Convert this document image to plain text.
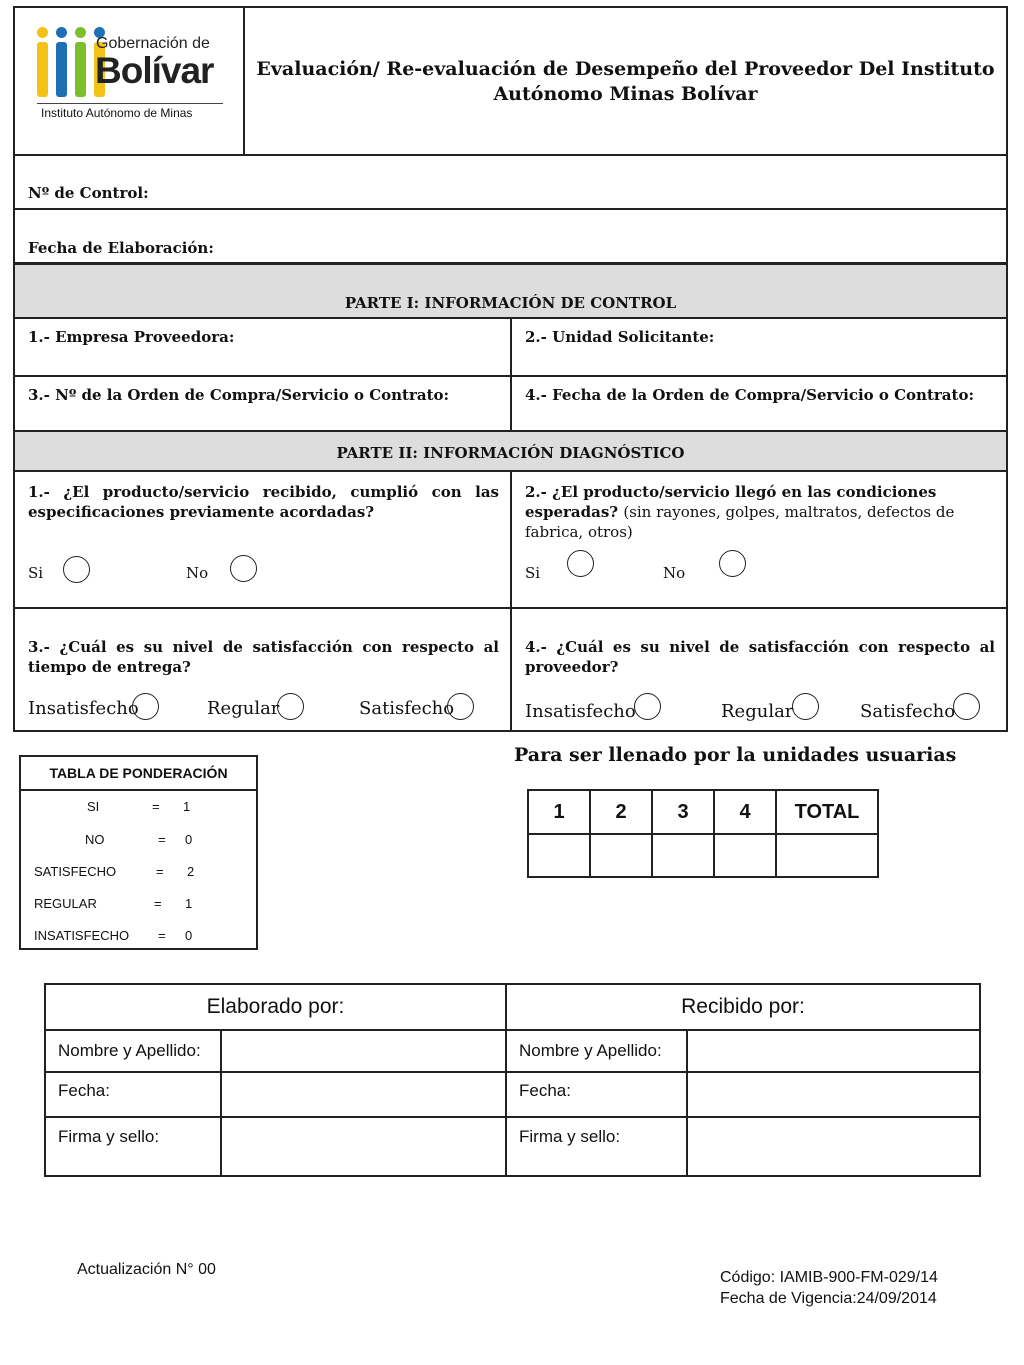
Gobernación de
Bolívar
Instituto Autónomo de Minas
Evaluación/ Re-evaluación de Desempeño del Proveedor Del Instituto
Autónomo Minas Bolívar
Nº de Control:
Fecha de Elaboración:
PARTE I: INFORMACIÓN DE CONTROL
1.- Empresa Proveedora:	2.- Unidad Solicitante:
3.- Nº de la Orden de Compra/Servicio o Contrato:	4.- Fecha de la Orden de Compra/Servicio o Contrato:
PARTE II: INFORMACIÓN DIAGNÓSTICO
1.- ¿El producto/servicio recibido, cumplió con las especificaciones previamente acordadas?
Si	No
2.- ¿El producto/servicio llegó en las condiciones esperadas? (sin rayones, golpes, maltratos, defectos de fabrica, otros)
Si	No
3.- ¿Cuál es su nivel de satisfacción con respecto al tiempo de entrega?
Insatisfecho	Regular	Satisfecho
4.- ¿Cuál es su nivel de satisfacción con respecto al proveedor?
Insatisfecho	Regular	Satisfecho
TABLA DE PONDERACIÓN
SI	= 1
NO	= 0
SATISFECHO	= 2
REGULAR	= 1
INSATISFECHO = 0
Para ser llenado por la unidades usuarias
1	2	3	4	TOTAL

Elaborado por:		Recibido por:	
Nombre y Apellido:		Nombre y Apellido:	
Fecha:		Fecha:	
Firma y sello:		Firma y sello:	
Actualización N° 00	Código: IAMIB-900-FM-029/14
Fecha de Vigencia:24/09/2014
